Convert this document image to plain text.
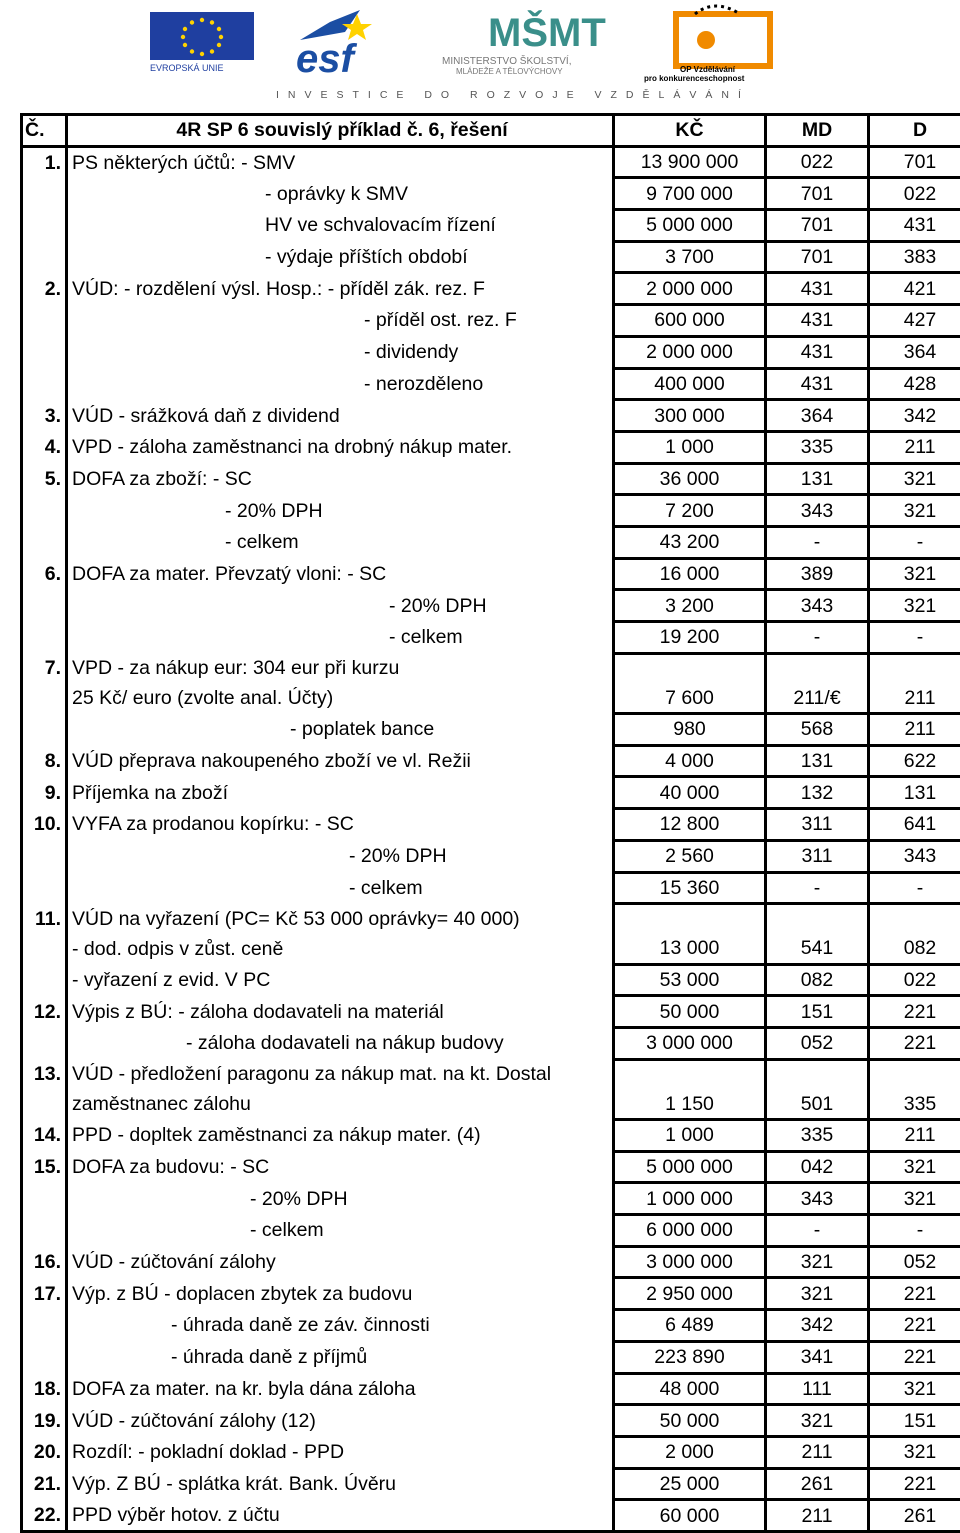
EVROPSKÁ UNIE esf
MŠMT
MINISTERSTVO ŠKOLSTVÍ,
MLÁDEŽE A TĚLOVÝCHOVY	OP Vzdělávání
pro konkurenceschopnost
INVESTICE DO ROZVOJE VZDĚLÁVÁNÍ
Č.	4R SP 6 souvislý příklad č. 6, řešení	KČ	MD	D
1.	PS některých účtů: - SMV	13 900 000	022	701
	- oprávky k SMV	9 700 000	701	022
	HV ve schvalovacím řízení	5 000 000	701	431
	- výdaje příštích období	3 700	701	383
2.	VÚD: - rozdělení výsl. Hosp.: - příděl zák. rez. F	2 000 000	431	421
	- příděl ost. rez. F	600 000	431	427
	- dividendy	2 000 000	431	364
	- nerozděleno	400 000	431	428
3.	VÚD - srážková daň z dividend	300 000	364	342
4.	VPD - záloha zaměstnanci na drobný nákup mater.	1 000	335	211
5.	DOFA za zboží: - SC	36 000	131	321
	- 20% DPH	7 200	343	321
	- celkem	43 200	-	-
6.	DOFA za mater. Převzatý vloni: - SC	16 000	389	321
	- 20% DPH	3 200	343	321
	- celkem	19 200	-	-
7.	VPD - za nákup eur: 304 eur při kurzu			
	25 Kč/ euro (zvolte anal. Účty)	7 600	211/€	211
	- poplatek bance	980	568	211
8.	VÚD přeprava nakoupeného zboží ve vl. Režii	4 000	131	622
9.	Příjemka na zboží	40 000	132	131
10.	VYFA za prodanou kopírku: - SC	12 800	311	641
	- 20% DPH	2 560	311	343
	- celkem	15 360	-	-
11.	VÚD na vyřazení (PC= Kč 53 000 oprávky= 40 000)			
	- dod. odpis v zůst. ceně	13 000	541	082
	- vyřazení z evid. V PC	53 000	082	022
12.	Výpis z BÚ: - záloha dodavateli na materiál	50 000	151	221
	- záloha dodavateli na nákup budovy	3 000 000	052	221
13.	VÚD - předložení paragonu za nákup mat. na kt. Dostal			
	zaměstnanec zálohu	1 150	501	335
14.	PPD - dopltek zaměstnanci za nákup mater. (4)	1 000	335	211
15.	DOFA za budovu: - SC	5 000 000	042	321
	- 20% DPH	1 000 000	343	321
	- celkem	6 000 000	-	-
16.	VÚD - zúčtování zálohy	3 000 000	321	052
17.	Výp. z BÚ - doplacen zbytek za budovu	2 950 000	321	221
	- úhrada daně ze záv. činnosti	6 489	342	221
	- úhrada daně z příjmů	223 890	341	221
18.	DOFA za mater. na kr. byla dána záloha	48 000	111	321
19.	VÚD - zúčtování zálohy (12)	50 000	321	151
20.	Rozdíl: - pokladní doklad - PPD	2 000	211	321
21.	Výp. Z BÚ - splátka krát. Bank. Úvěru	25 000	261	221
22.	PPD výběr hotov. z účtu	60 000	211	261
